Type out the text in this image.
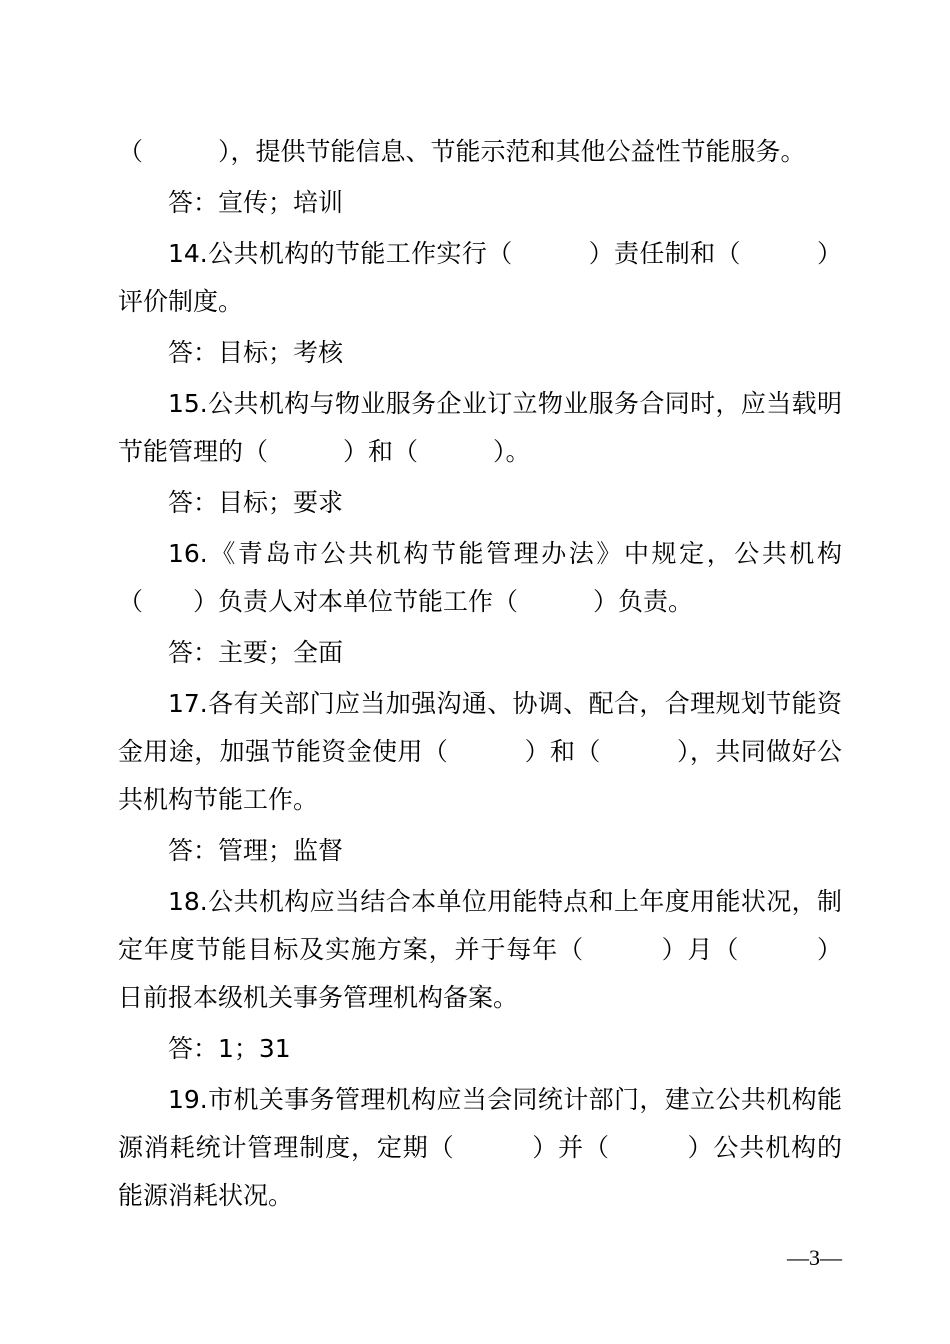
（　　　），提供节能信息、节能示范和其他公益性节能服务。

答：宣传；培训

14.公共机构的节能工作实行（　　　）责任制和（　　　）评价制度。

答：目标；考核

15.公共机构与物业服务企业订立物业服务合同时，应当载明节能管理的（　　　）和（　　　）。

答：目标；要求

16.《青岛市公共机构节能管理办法》中规定，公共机构（　　）负责人对本单位节能工作（　　　）负责。

答：主要；全面

17.各有关部门应当加强沟通、协调、配合，合理规划节能资金用途，加强节能资金使用（　　　）和（　　　），共同做好公共机构节能工作。

答：管理；监督

18.公共机构应当结合本单位用能特点和上年度用能状况，制定年度节能目标及实施方案，并于每年（　　　）月（　　　）日前报本级机关事务管理机构备案。

答：1；31

19.市机关事务管理机构应当会同统计部门，建立公共机构能源消耗统计管理制度，定期（　　　）并（　　　）公共机构的能源消耗状况。

—3—
